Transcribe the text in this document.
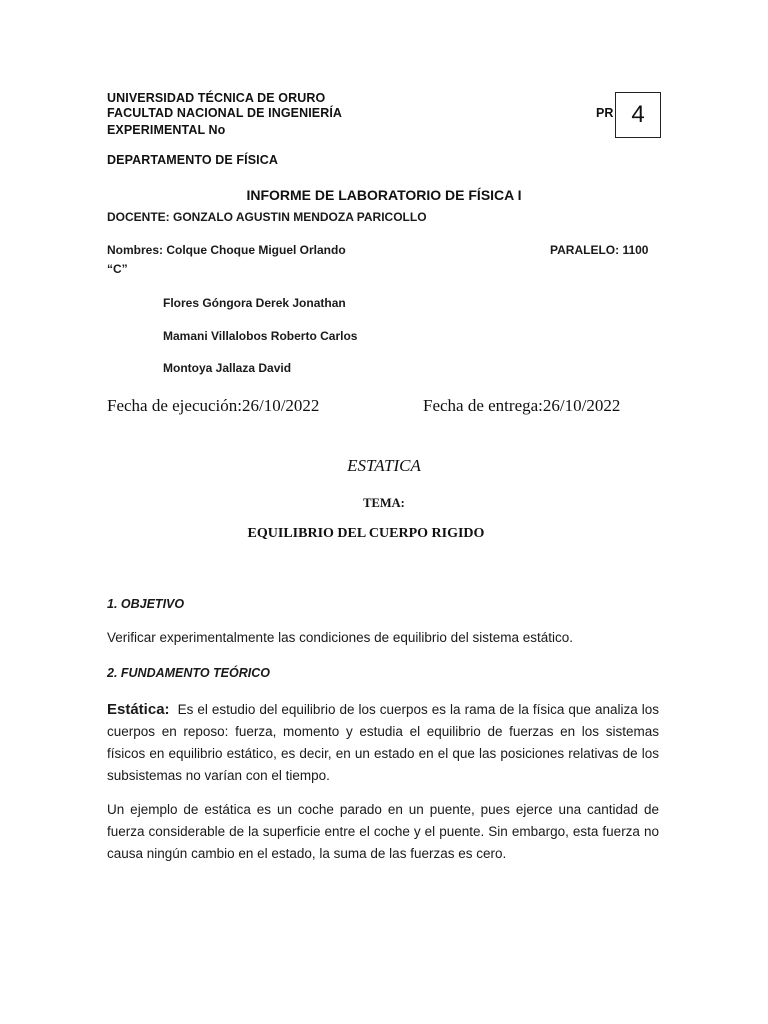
UNIVERSIDAD TÉCNICA DE ORURO
FACULTAD NACIONAL DE INGENIERÍA
EXPERIMENTAL No
PR 4
DEPARTAMENTO DE FÍSICA
INFORME DE LABORATORIO DE FÍSICA I
DOCENTE: GONZALO AGUSTIN MENDOZA PARICOLLO
Nombres: Colque Choque Miguel Orlando	PARALELO: 1100
“C”
Flores Góngora Derek Jonathan
Mamani Villalobos Roberto Carlos
Montoya Jallaza David
Fecha de ejecución:26/10/2022	Fecha de entrega:26/10/2022
ESTATICA
TEMA:
EQUILIBRIO DEL CUERPO RIGIDO
1. OBJETIVO
Verificar experimentalmente las condiciones de equilibrio del sistema estático.
2. FUNDAMENTO TEÓRICO
Estática: Es el estudio del equilibrio de los cuerpos es la rama de la física que analiza los cuerpos en reposo: fuerza, momento y estudia el equilibrio de fuerzas en los sistemas físicos en equilibrio estático, es decir, en un estado en el que las posiciones relativas de los subsistemas no varían con el tiempo.
Un ejemplo de estática es un coche parado en un puente, pues ejerce una cantidad de fuerza considerable de la superficie entre el coche y el puente. Sin embargo, esta fuerza no causa ningún cambio en el estado, la suma de las fuerzas es cero.
